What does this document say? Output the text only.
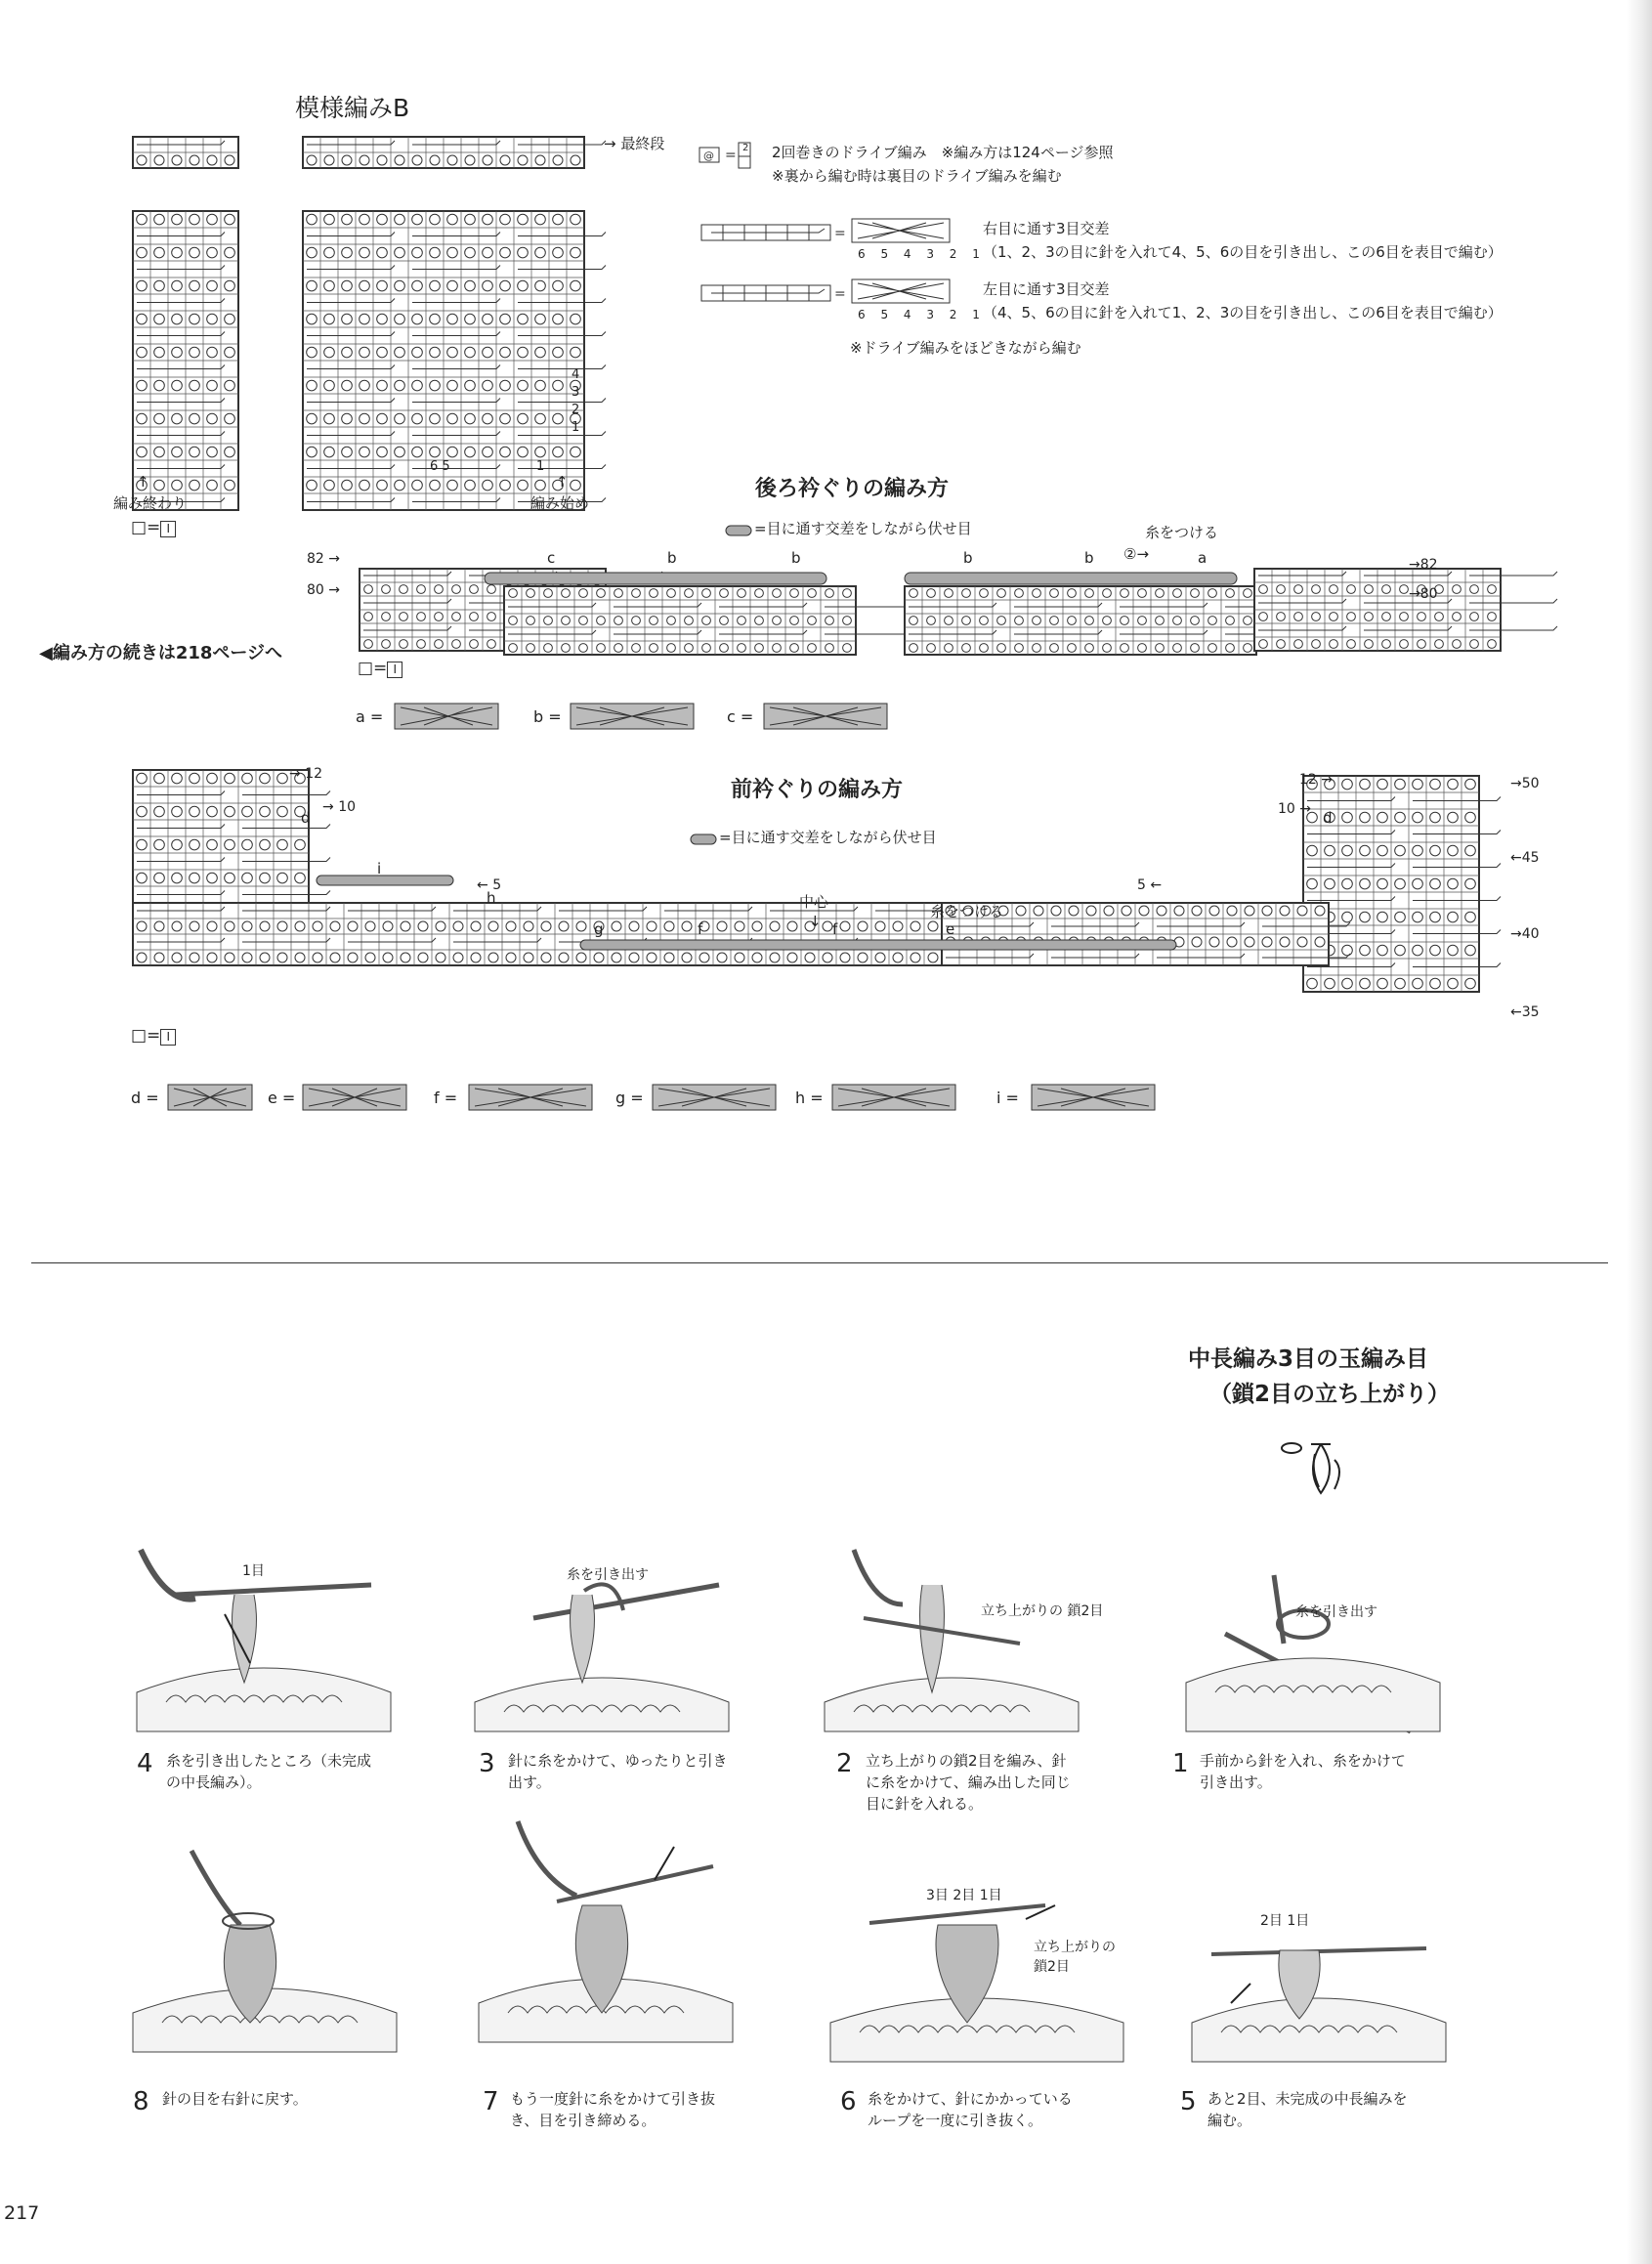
模様編みB
→ 最終段
4
3
2
1
6 5	1
↑	↑
編み終わり	編み始め
□= I
@ = 2 2回巻きのドライブ編み　※編み方は124ページ参照
※裏から編む時は裏目のドライブ編みを編む
=
6 5 4 3 2 1
右目に通す3目交差
（1、2、3の目に針を入れて4、5、6の目を引き出し、この6目を表目で編む）
=
6 5 4 3 2 1
左目に通す3目交差
（4、5、6の目に針を入れて1、2、3の目を引き出し、この6目を表目で編む）
※ドライブ編みをほどきながら編む
後ろ衿ぐりの編み方
=目に通す交差をしながら伏せ目	糸をつける
82 →
80 →
→82
→80
c	b	b	b	b ②→	a
◀編み方の続きは218ページへ
□= I
a =	b =	c =
前衿ぐりの編み方
=目に通す交差をしながら伏せ目
→ 12
→ 10
← 5
12 →
10 →
5 ←
→50
←45
→40
←35
d
i
h
g	f	f	e
d
中心
↓
糸をつける
□= I
d =	e =	f =	g =	h =	i =
中長編み3目の玉編み目
（鎖2目の立ち上がり）
1目	糸を引き出す
立ち上がりの 鎖2目	糸を引き出す
4 糸を引き出したところ（未完成
の中長編み）。
3 針に糸をかけて、ゆったりと引き
出す。
2 立ち上がりの鎖2目を編み、針
に糸をかけて、編み出した同じ
目に針を入れる。
1 手前から針を入れ、糸をかけて
引き出す。
3目 2目 1目
立ち上がりの
鎖2目
2目 1目
8 針の目を右針に戻す。	7 もう一度針に糸をかけて引き抜
き、目を引き締める。
6 糸をかけて、針にかかっている
ループを一度に引き抜く。
5 あと2目、未完成の中長編みを
編む。
217
